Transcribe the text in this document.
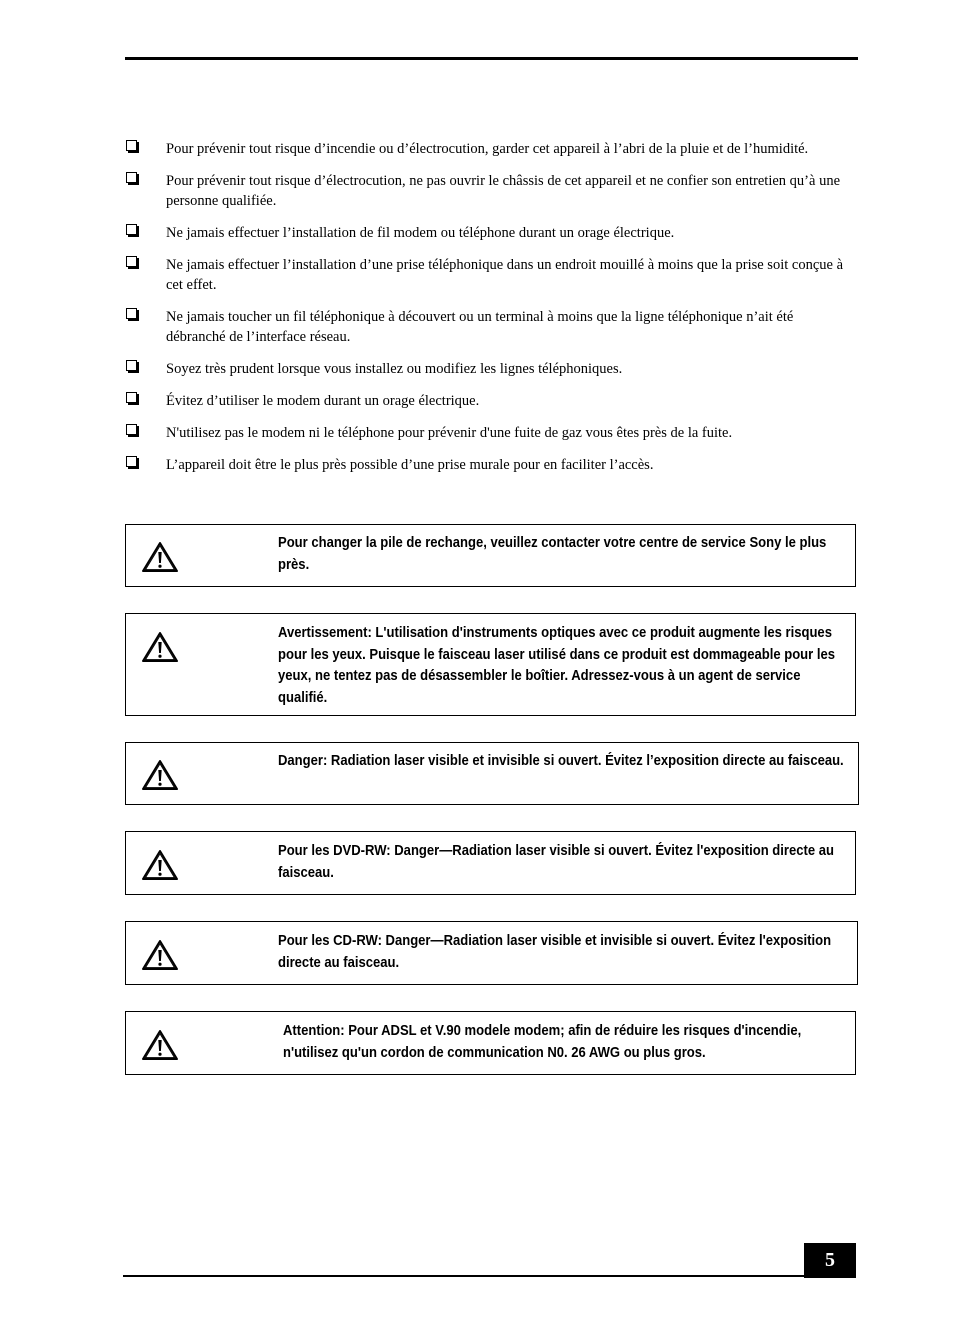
Pour prévenir tout risque d’incendie ou d’électrocution, garder cet appareil à l’abri de la pluie et de l’humidité.
Pour prévenir tout risque d’électrocution, ne pas ouvrir le châssis de cet appareil et ne confier son entretien qu’à une personne qualifiée.
Ne jamais effectuer l’installation de fil modem ou téléphone durant un orage électrique.
Ne jamais effectuer l’installation d’une prise téléphonique dans un endroit mouillé à moins que la prise soit conçue à cet effet.
Ne jamais toucher un fil téléphonique à découvert ou un terminal à moins que la ligne téléphonique n’ait été débranché de l’interface réseau.
Soyez très prudent lorsque vous installez ou modifiez les lignes téléphoniques.
Évitez d’utiliser le modem durant un orage électrique.
N'utilisez pas le modem ni le téléphone pour prévenir d'une fuite de gaz vous êtes près de la fuite.
L’appareil doit être le plus près possible d’une prise murale pour en faciliter l’accès.
Pour changer la pile de rechange, veuillez contacter votre centre de service Sony le plus près.
Avertissement: L'utilisation d'instruments optiques avec ce produit augmente les risques pour les yeux. Puisque le faisceau laser utilisé dans ce produit est dommageable pour les yeux, ne tentez pas de désassembler le boîtier. Adressez-vous à un agent de service qualifié.
Danger: Radiation laser visible et invisible si ouvert. Évitez l’exposition directe au faisceau.
Pour les DVD-RW: Danger—Radiation laser visible si ouvert. Évitez l'exposition directe au faisceau.
Pour les CD-RW: Danger—Radiation laser visible et invisible si ouvert. Évitez l'exposition directe au faisceau.
Attention: Pour ADSL et V.90 modele modem; afin de réduire les risques d'incendie, n'utilisez qu'un cordon de communication N0. 26 AWG ou plus gros.
5
